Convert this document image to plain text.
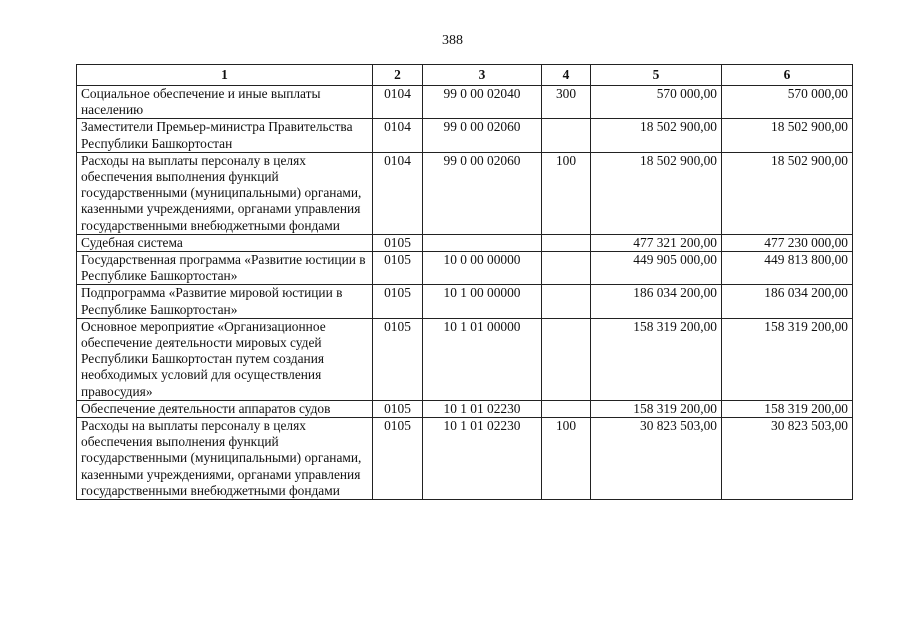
388
1	2	3	4	5	6
Социальное обеспечение и иные выплаты населению	0104	99 0 00 02040	300	570 000,00	570 000,00
Заместители Премьер-министра Правительства Республики Башкортостан	0104	99 0 00 02060		18 502 900,00	18 502 900,00
Расходы на выплаты персоналу в целях обеспечения выполнения функций государственными (муниципальными) органами, казенными учреждениями, органами управления государственными внебюджетными фондами	0104	99 0 00 02060	100	18 502 900,00	18 502 900,00
Судебная система	0105			477 321 200,00	477 230 000,00
Государственная программа «Развитие юстиции в Республике Башкортостан»	0105	10 0 00 00000		449 905 000,00	449 813 800,00
Подпрограмма «Развитие мировой юстиции в Республике Башкортостан»	0105	10 1 00 00000		186 034 200,00	186 034 200,00
Основное мероприятие «Организационное обеспечение деятельности мировых судей Республики Башкортостан путем создания необходимых условий для осуществления правосудия»	0105	10 1 01 00000		158 319 200,00	158 319 200,00
Обеспечение деятельности аппаратов судов	0105	10 1 01 02230		158 319 200,00	158 319 200,00
Расходы на выплаты персоналу в целях обеспечения выполнения функций государственными (муниципальными) органами, казенными учреждениями, органами управления государственными внебюджетными фондами	0105	10 1 01 02230	100	30 823 503,00	30 823 503,00
